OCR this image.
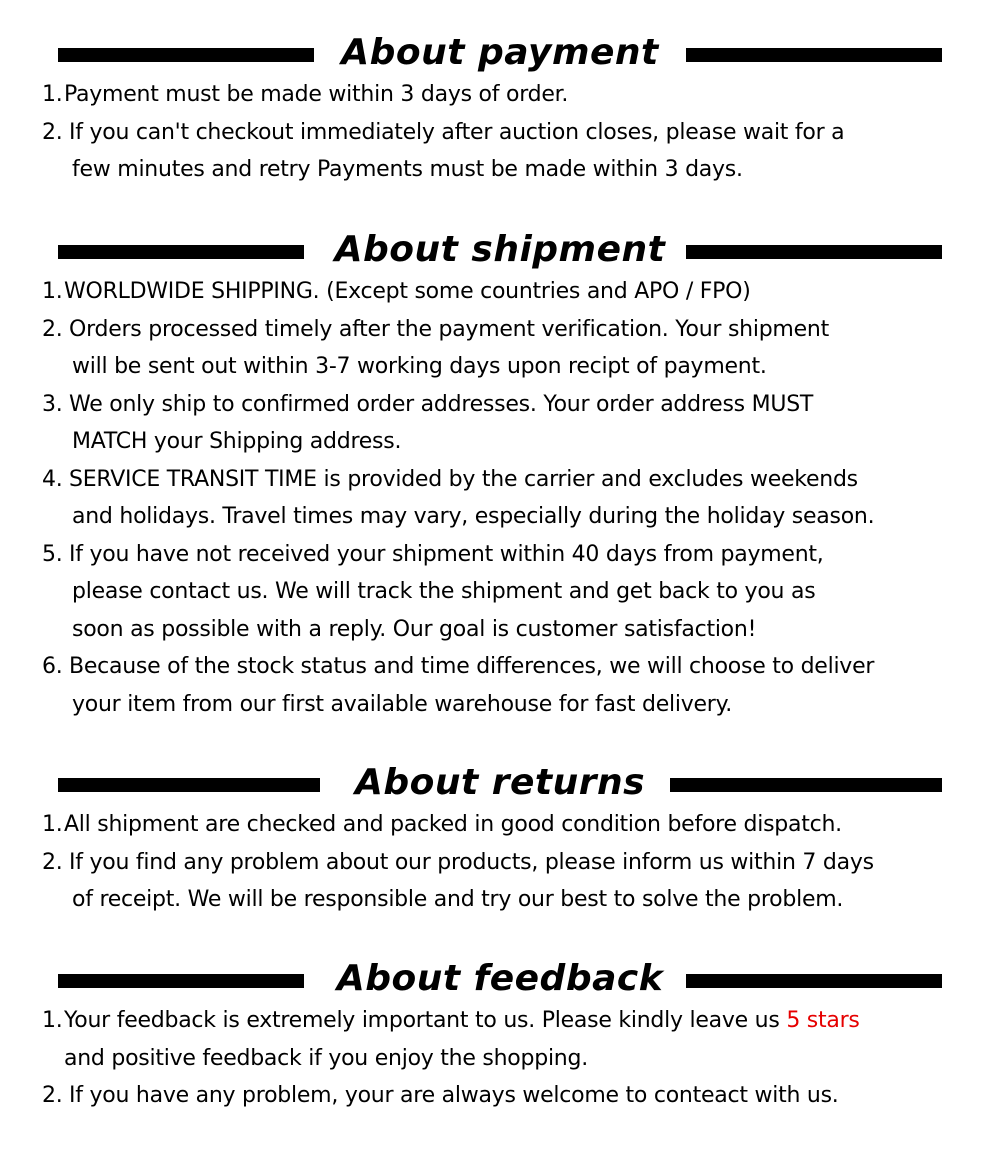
About payment
1. Payment must be made within 3 days of order.
2. If you can't checkout immediately after auction closes, please wait for a
few minutes and retry Payments must be made within 3 days.
About shipment
1. WORLDWIDE SHIPPING. (Except some countries and APO / FPO)
2. Orders processed timely after the payment verification. Your shipment
will be sent out within 3-7 working days upon recipt of payment.
3. We only ship to confirmed order addresses. Your order address MUST
MATCH your Shipping address.
4. SERVICE TRANSIT TIME is provided by the carrier and excludes weekends
and holidays. Travel times may vary, especially during the holiday season.
5. If you have not received your shipment within 40 days from payment,
please contact us. We will track the shipment and get back to you as
soon as possible with a reply. Our goal is customer satisfaction!
6. Because of the stock status and time differences, we will choose to deliver
your item from our first available warehouse for fast delivery.
About returns
1. All shipment are checked and packed in good condition before dispatch.
2. If you find any problem about our products, please inform us within 7 days
of receipt. We will be responsible and try our best to solve the problem.
About feedback
1. Your feedback is extremely important to us. Please kindly leave us 5 stars
and positive feedback if you enjoy the shopping.
2. If you have any problem, your are always welcome to conteact with us.
